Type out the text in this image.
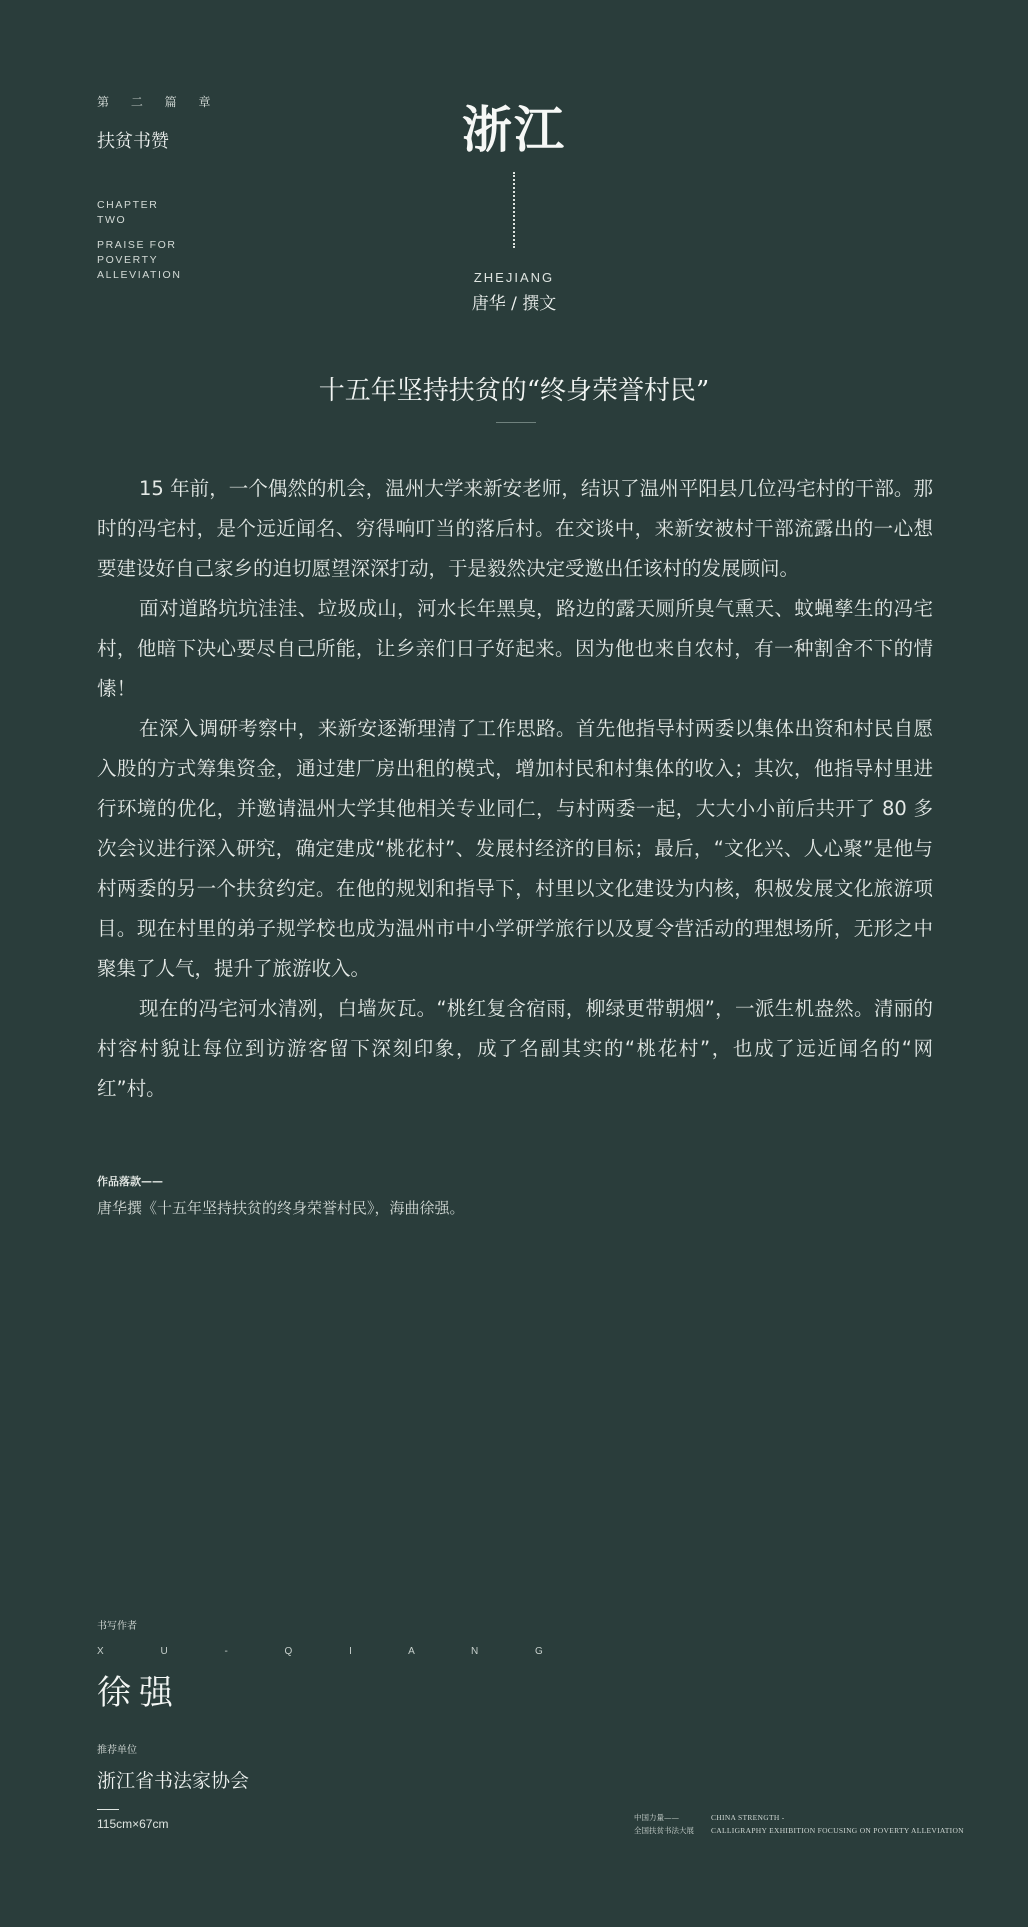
第 二 篇 章
扶贫书赞
CHAPTER
TWO
PRAISE FOR
POVERTY
ALLEVIATION
浙江
ZHEJIANG
唐华 / 撰文
十五年坚持扶贫的“终身荣誉村民”

15 年前，一个偶然的机会，温州大学来新安老师，结识了温州平阳县几位冯宅村的干部。那时的冯宅村，是个远近闻名、穷得响叮当的落后村。在交谈中，来新安被村干部流露出的一心想要建设好自己家乡的迫切愿望深深打动，于是毅然决定受邀出任该村的发展顾问。

面对道路坑坑洼洼、垃圾成山，河水长年黑臭，路边的露天厕所臭气熏天、蚊蝇孳生的冯宅村，他暗下决心要尽自己所能，让乡亲们日子好起来。因为他也来自农村，有一种割舍不下的情愫！

在深入调研考察中，来新安逐渐理清了工作思路。首先他指导村两委以集体出资和村民自愿入股的方式筹集资金，通过建厂房出租的模式，增加村民和村集体的收入；其次，他指导村里进行环境的优化，并邀请温州大学其他相关专业同仁，与村两委一起，大大小小前后共开了 80 多次会议进行深入研究，确定建成“桃花村”、发展村经济的目标；最后，“文化兴、人心聚”是他与村两委的另一个扶贫约定。在他的规划和指导下，村里以文化建设为内核，积极发展文化旅游项目。现在村里的弟子规学校也成为温州市中小学研学旅行以及夏令营活动的理想场所，无形之中聚集了人气，提升了旅游收入。

现在的冯宅河水清冽，白墙灰瓦。“桃红复含宿雨，柳绿更带朝烟”，一派生机盎然。清丽的村容村貌让每位到访游客留下深刻印象，成了名副其实的“桃花村”，也成了远近闻名的“网红”村。

作品落款——
唐华撰《十五年坚持扶贫的终身荣誉村民》，海曲徐强。
书写作者
X U - Q I A N G
徐强
推荐单位
浙江省书法家协会
115cm×67cm	中国力量——
全国扶贫书法大展
CHINA STRENGTH -
CALLIGRAPHY EXHIBITION FOCUSING ON POVERTY ALLEVIATION
